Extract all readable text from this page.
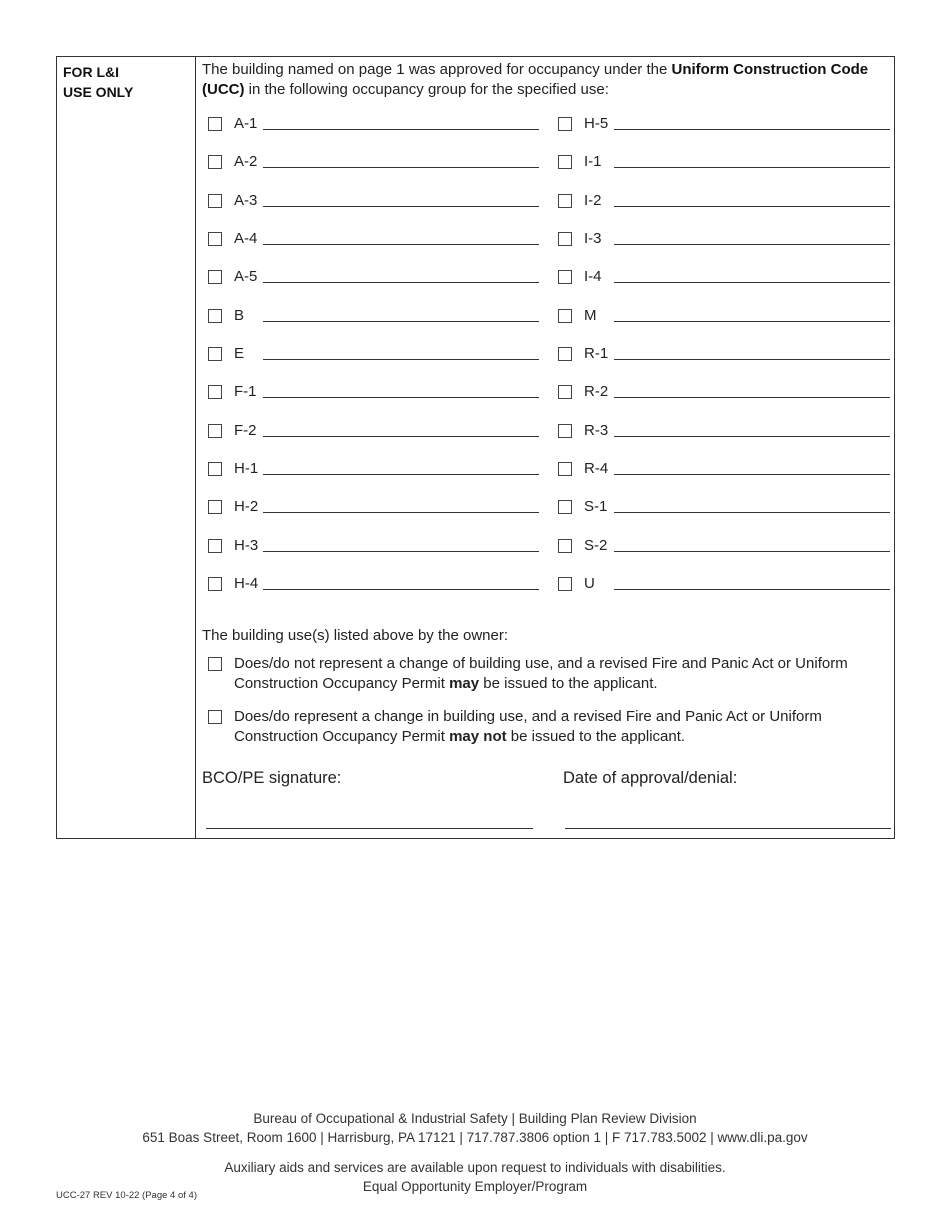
FOR L&I
USE ONLY
The building named on page 1 was approved for occupancy under the Uniform Construction Code (UCC) in the following occupancy group for the specified use:
A-1
A-2
A-3
A-4
A-5
B
E
F-1
F-2
H-1
H-2
H-3
H-4
H-5
I-1
I-2
I-3
I-4
M
R-1
R-2
R-3
R-4
S-1
S-2
U
The building use(s) listed above by the owner:
Does/do not represent a change of building use, and a revised Fire and Panic Act or Uniform Construction Occupancy Permit may be issued to the applicant.
Does/do represent a change in building use, and a revised Fire and Panic Act or Uniform Construction Occupancy Permit may not be issued to the applicant.
BCO/PE signature:	Date of approval/denial:
Bureau of Occupational & Industrial Safety | Building Plan Review Division
651 Boas Street, Room 1600 | Harrisburg, PA 17121 | 717.787.3806 option 1 | F 717.783.5002 | www.dli.pa.gov
Auxiliary aids and services are available upon request to individuals with disabilities.
Equal Opportunity Employer/Program
UCC-27 REV 10-22 (Page 4 of 4)
